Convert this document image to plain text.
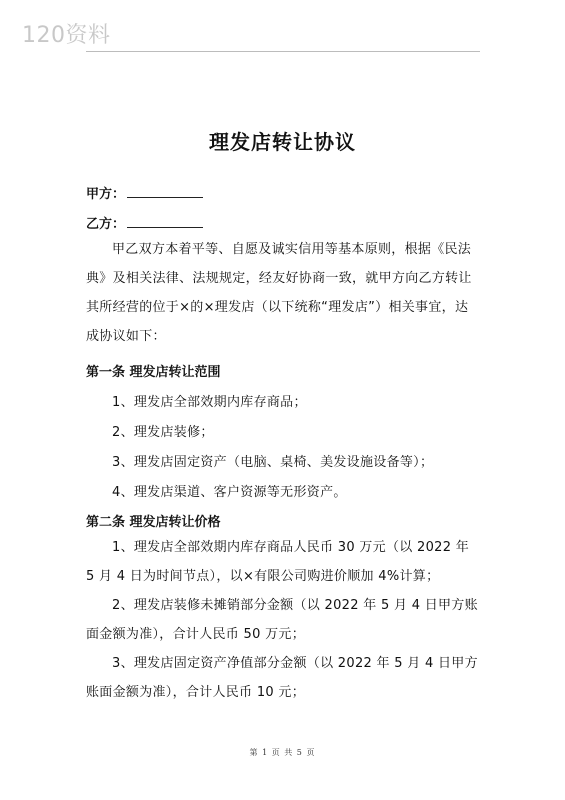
120资料
理发店转让协议
甲方：
乙方：
甲乙双方本着平等、自愿及诚实信用等基本原则，根据《民法典》及相关法律、法规规定，经友好协商一致，就甲方向乙方转让其所经营的位于×的×理发店（以下统称“理发店”）相关事宜，达成协议如下：
第一条 理发店转让范围
1、理发店全部效期内库存商品；
2、理发店装修；
3、理发店固定资产（电脑、桌椅、美发设施设备等）；
4、理发店渠道、客户资源等无形资产。
第二条 理发店转让价格
1、理发店全部效期内库存商品人民币 30 万元（以 2022 年 5 月 4 日为时间节点），以×有限公司购进价顺加 4%计算；
2、理发店装修未摊销部分金额（以 2022 年 5 月 4 日甲方账面金额为准），合计人民币 50 万元；
3、理发店固定资产净值部分金额（以 2022 年 5 月 4 日甲方账面金额为准），合计人民币 10 元；
第 1 页 共 5 页
